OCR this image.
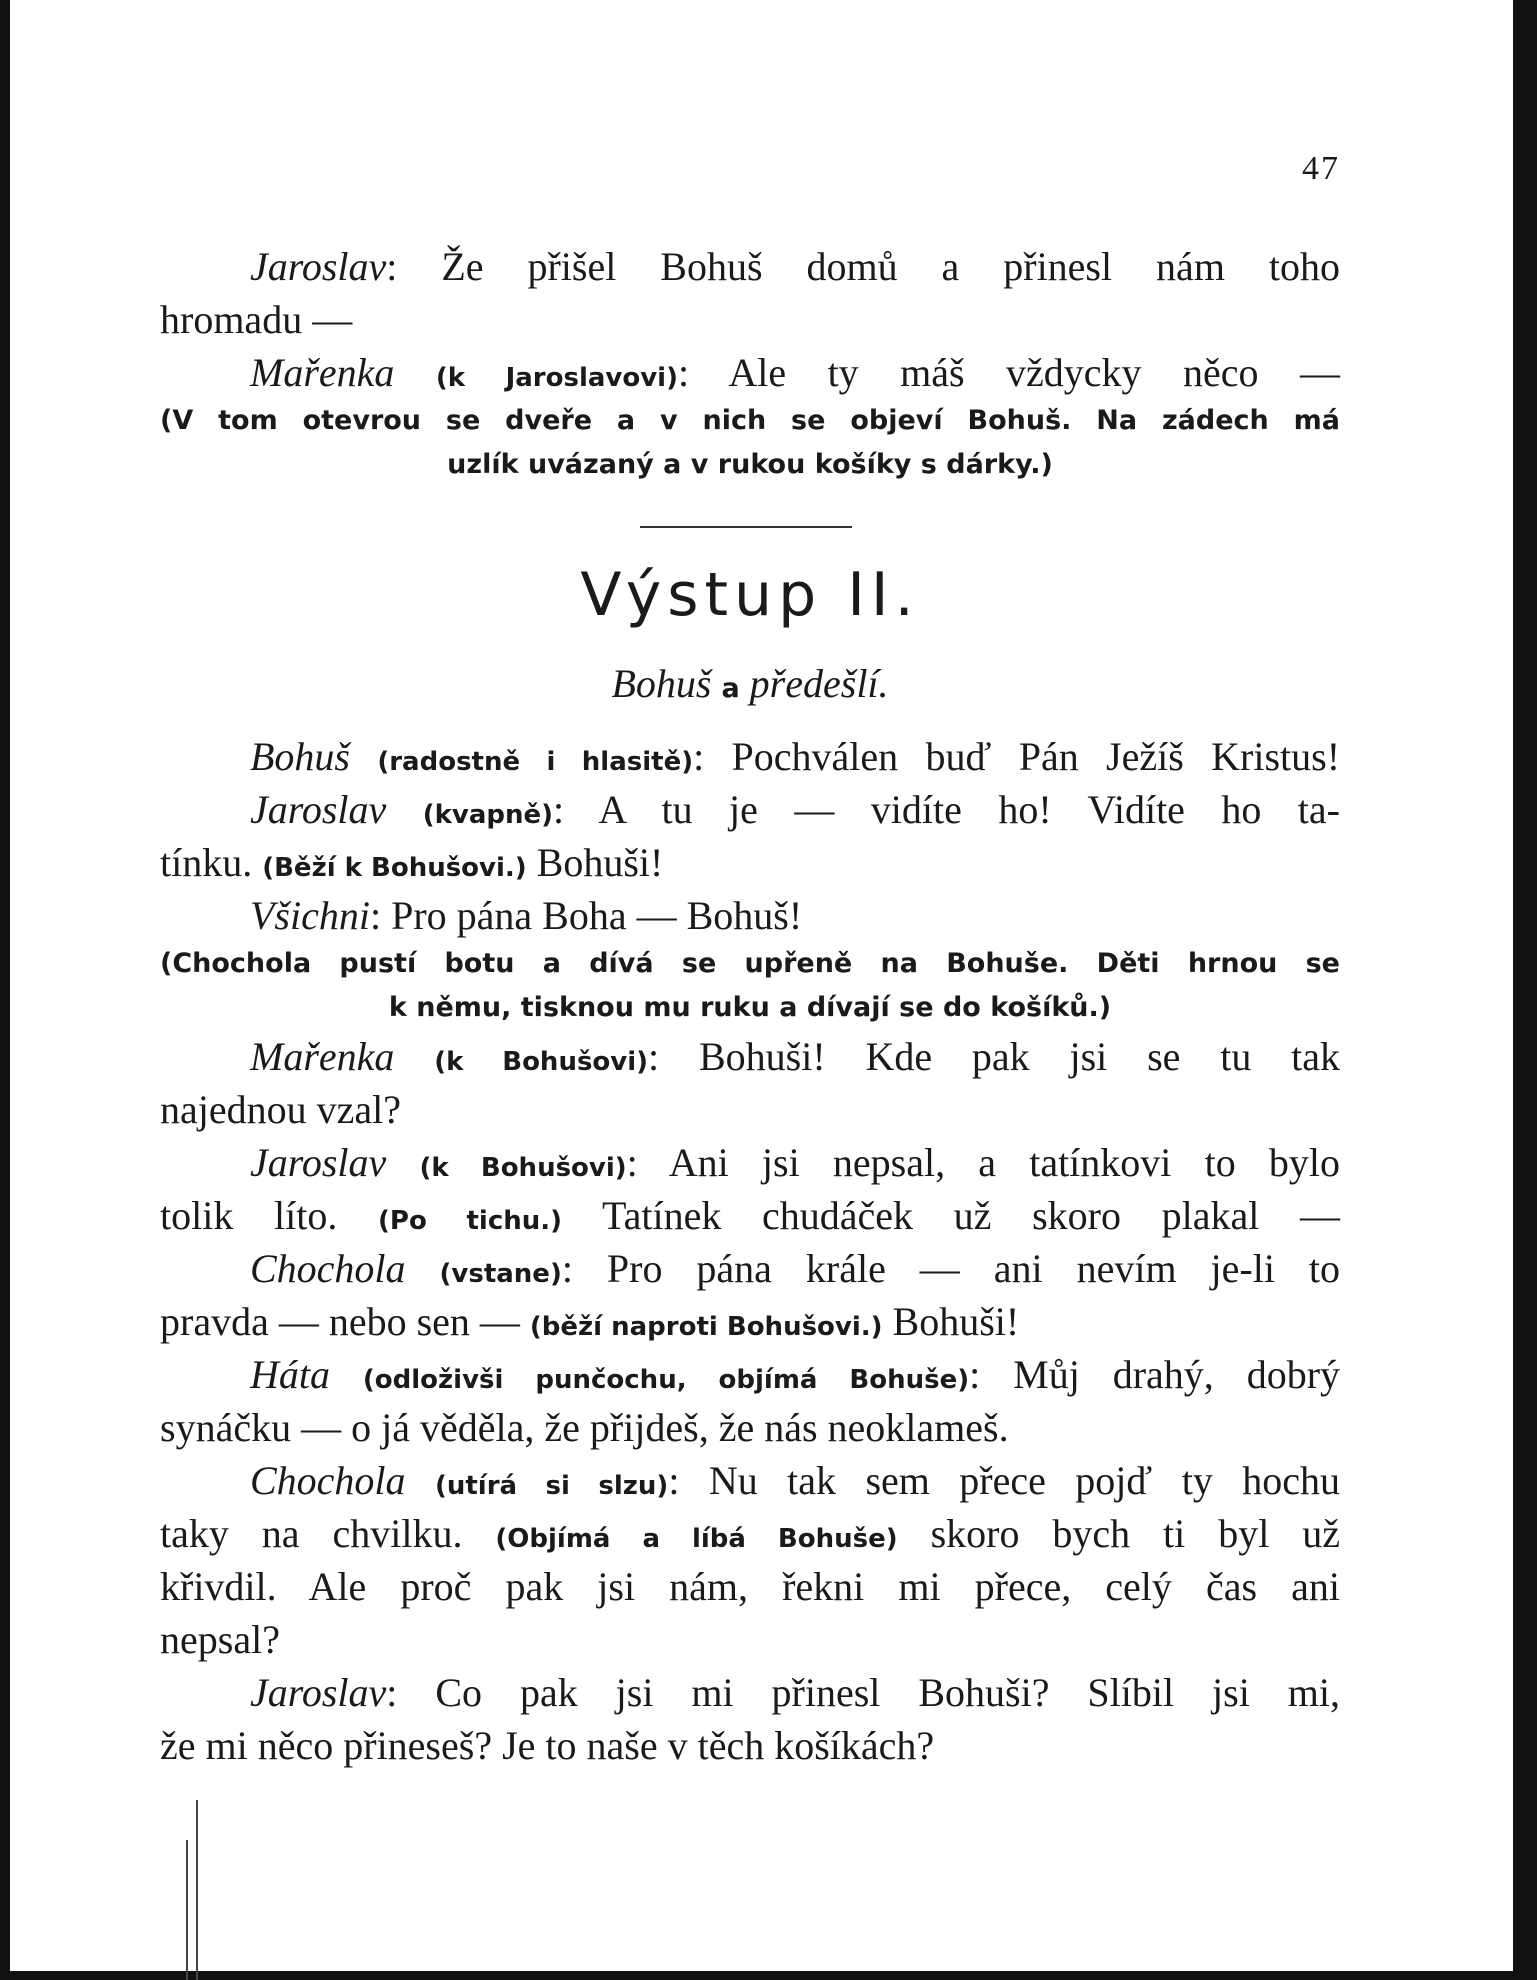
47
Jaroslav: Že přišel Bohuš domů a přinesl nám toho
hromadu —
Mařenka (k Jaroslavovi): Ale ty máš vždycky něco —
(V tom otevrou se dveře a v nich se objeví Bohuš. Na zádech má
uzlík uvázaný a v rukou košíky s dárky.)
Výstup II.
Bohuš a předešlí.
Bohuš (radostně i hlasitě): Pochválen buď Pán Ježíš Kristus!
Jaroslav (kvapně): A tu je — vidíte ho! Vidíte ho ta-
tínku. (Běží k Bohušovi.) Bohuši!
Všichni: Pro pána Boha — Bohuš!
(Chochola pustí botu a dívá se upřeně na Bohuše. Děti hrnou se
k němu, tisknou mu ruku a dívají se do košíků.)
Mařenka (k Bohušovi): Bohuši! Kde pak jsi se tu tak
najednou vzal?
Jaroslav (k Bohušovi): Ani jsi nepsal, a tatínkovi to bylo
tolik líto. (Po tichu.) Tatínek chudáček už skoro plakal —
Chochola (vstane): Pro pána krále — ani nevím je-li to
pravda — nebo sen — (běží naproti Bohušovi.) Bohuši!
Háta (odloživši punčochu, objímá Bohuše): Můj drahý, dobrý
synáčku — o já věděla, že přijdeš, že nás neoklameš.
Chochola (utírá si slzu): Nu tak sem přece pojď ty hochu
taky na chvilku. (Objímá a líbá Bohuše) skoro bych ti byl už
křivdil. Ale proč pak jsi nám, řekni mi přece, celý čas ani
nepsal?
Jaroslav: Co pak jsi mi přinesl Bohuši? Slíbil jsi mi,
že mi něco přineseš? Je to naše v těch košíkách?
